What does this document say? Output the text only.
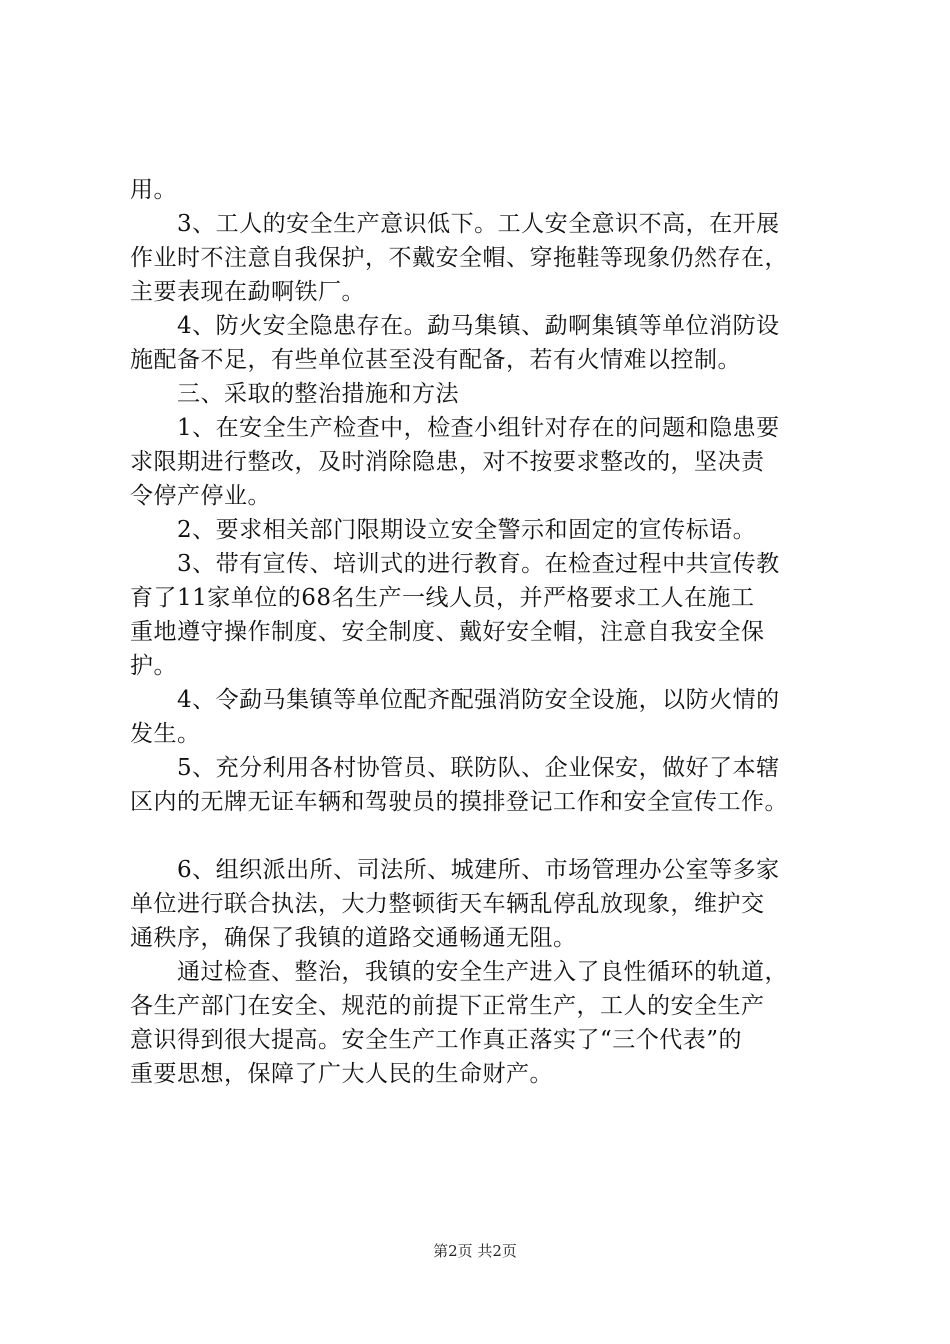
用。
　　3、工人的安全生产意识低下。工人安全意识不高，在开展
作业时不注意自我保护，不戴安全帽、穿拖鞋等现象仍然存在，
主要表现在勐啊铁厂。
　　4、防火安全隐患存在。勐马集镇、勐啊集镇等单位消防设
施配备不足，有些单位甚至没有配备，若有火情难以控制。
　　三、采取的整治措施和方法
　　1、在安全生产检查中，检查小组针对存在的问题和隐患要
求限期进行整改，及时消除隐患，对不按要求整改的，坚决责
令停产停业。
　　2、要求相关部门限期设立安全警示和固定的宣传标语。
　　3、带有宣传、培训式的进行教育。在检查过程中共宣传教
育了11家单位的68名生产一线人员，并严格要求工人在施工
重地遵守操作制度、安全制度、戴好安全帽，注意自我安全保
护。
　　4、令勐马集镇等单位配齐配强消防安全设施，以防火情的
发生。
　　5、充分利用各村协管员、联防队、企业保安，做好了本辖
区内的无牌无证车辆和驾驶员的摸排登记工作和安全宣传工作。
　　6、组织派出所、司法所、城建所、市场管理办公室等多家
单位进行联合执法，大力整顿街天车辆乱停乱放现象，维护交
通秩序，确保了我镇的道路交通畅通无阻。
　　通过检查、整治，我镇的安全生产进入了良性循环的轨道，
各生产部门在安全、规范的前提下正常生产，工人的安全生产
意识得到很大提高。安全生产工作真正落实了“三个代表”的
重要思想，保障了广大人民的生命财产。
第2页 共2页
